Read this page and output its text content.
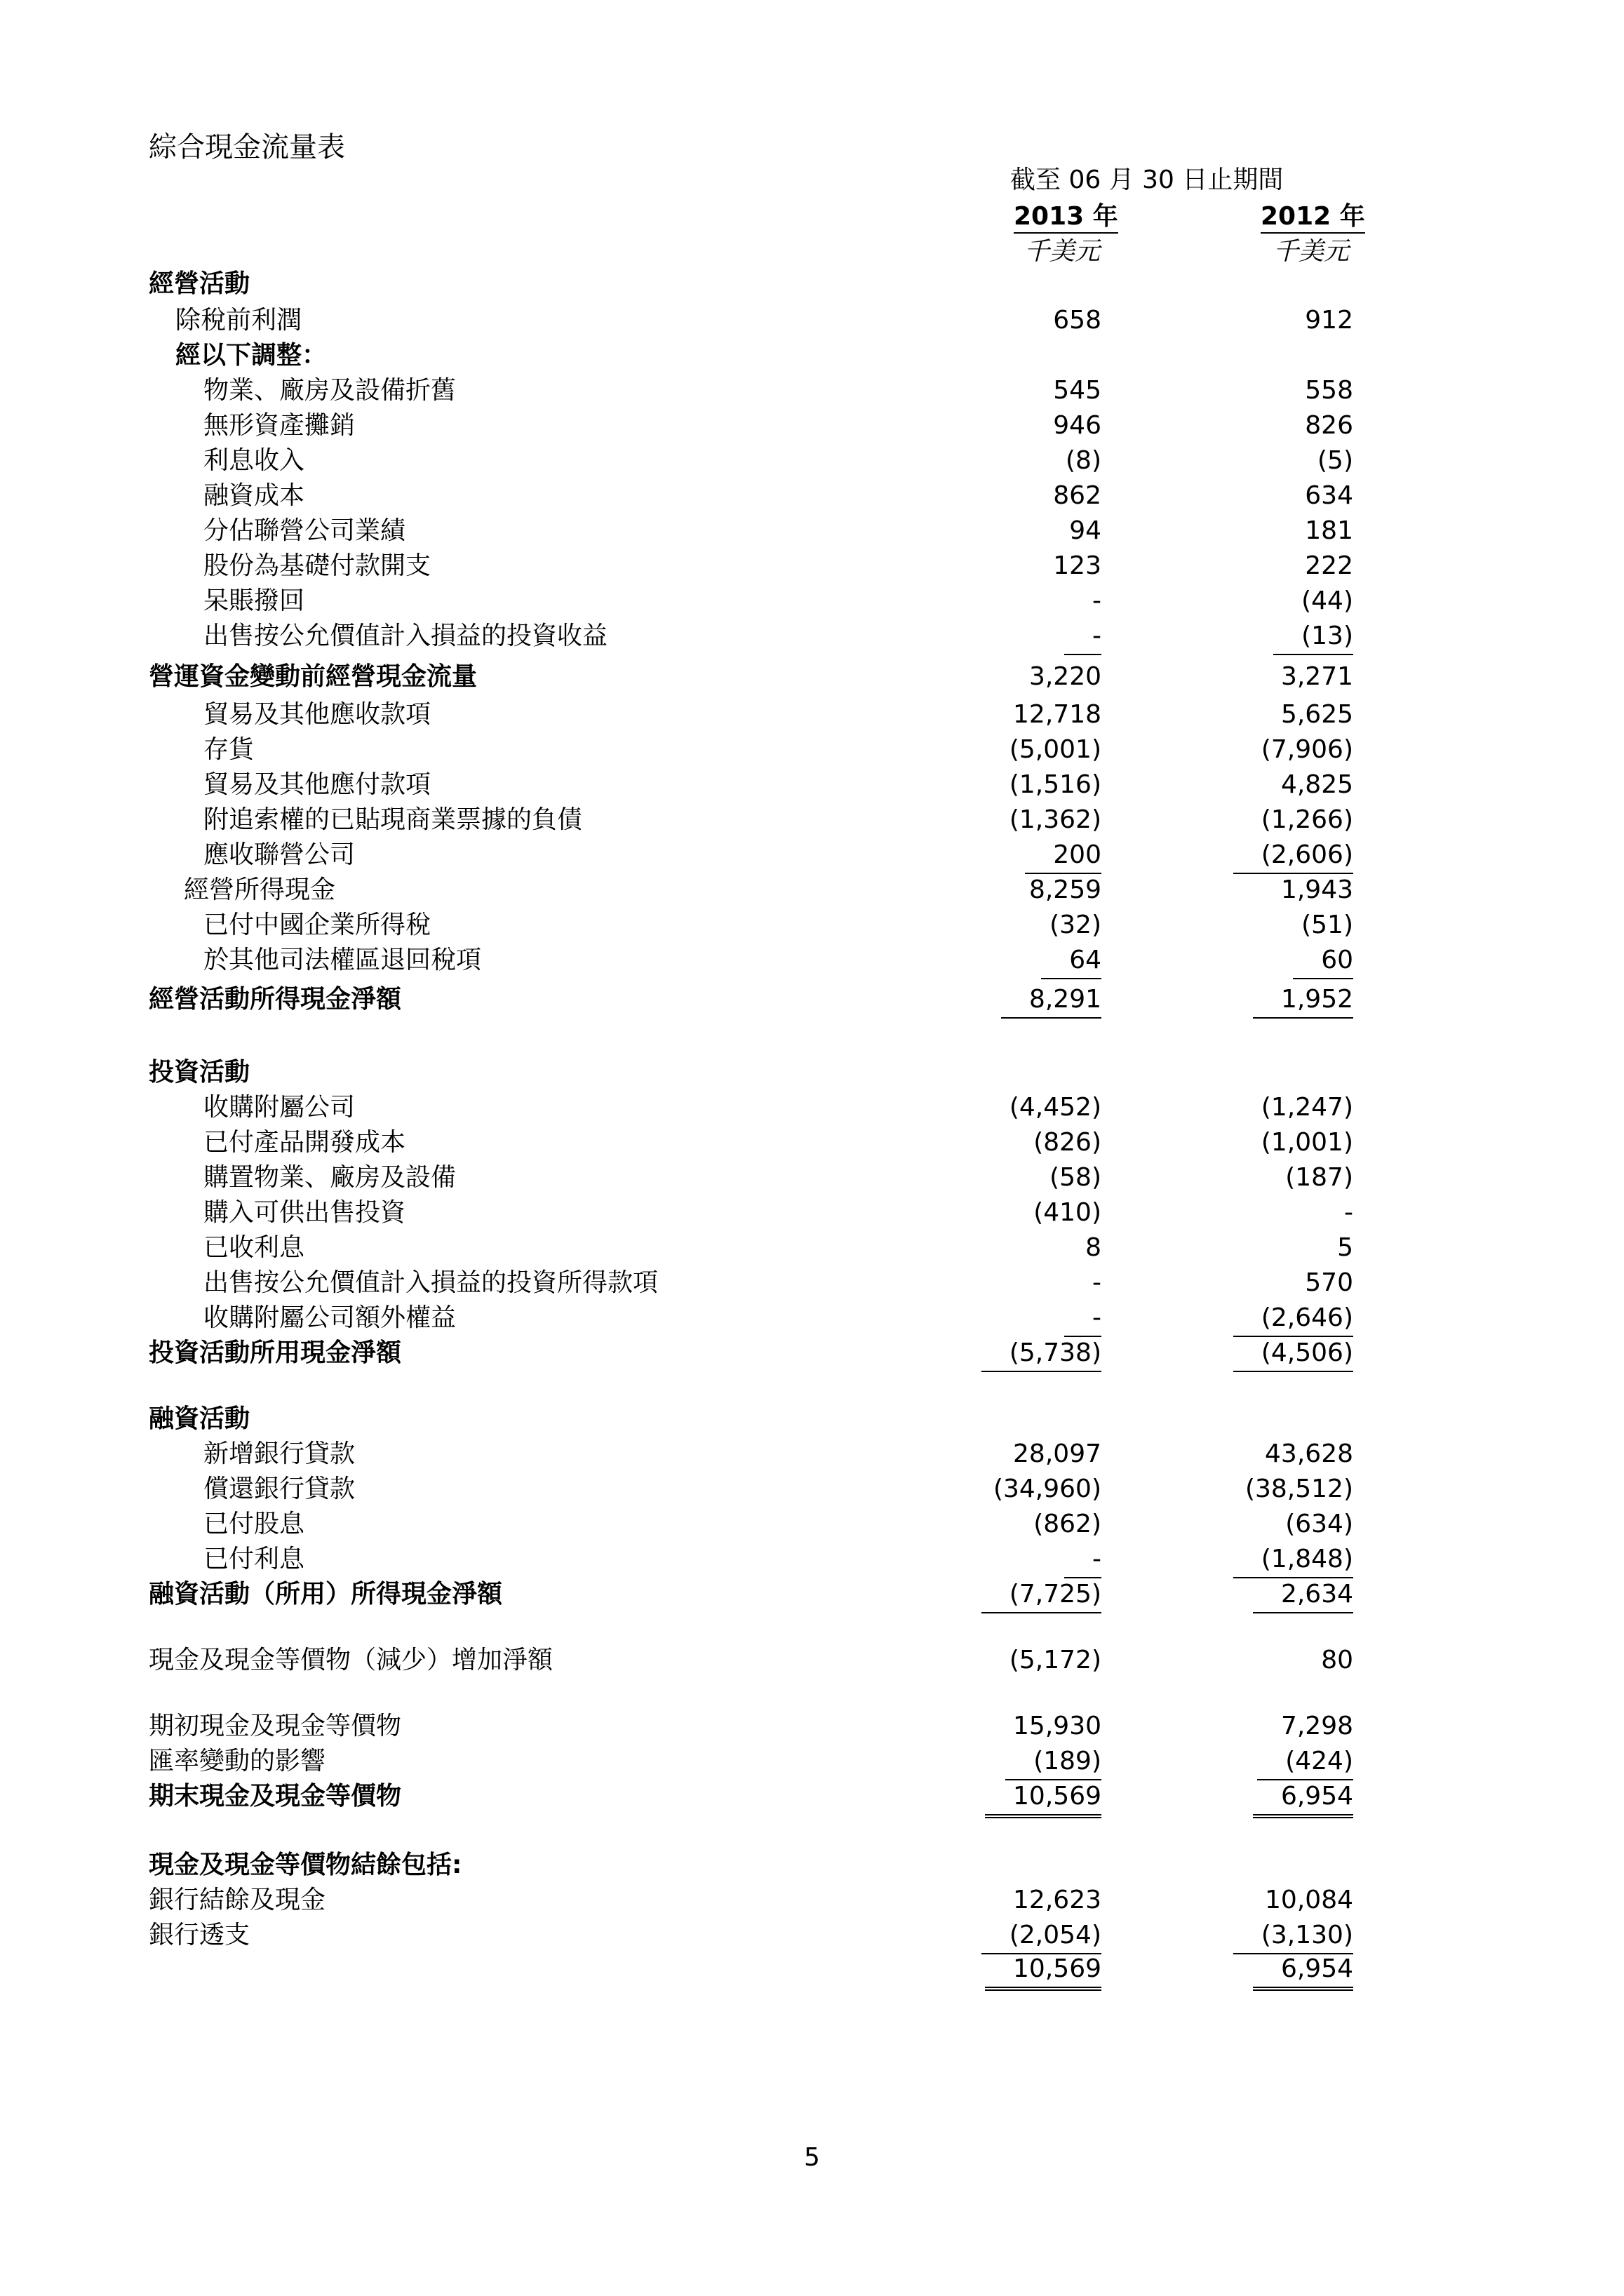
綜合現金流量表
截至 06 月 30 日止期間
2013 年	2012 年
千美元	千美元
經營活動
除稅前利潤	658	912
經以下調整：
物業、廠房及設備折舊	545	558
無形資產攤銷	946	826
利息收入	(8)	(5)
融資成本	862	634
分佔聯營公司業績	94	181
股份為基礎付款開支	123	222
呆賬撥回	-	(44)
出售按公允價值計入損益的投資收益	-	(13)
營運資金變動前經營現金流量	3,220	3,271
貿易及其他應收款項	12,718	5,625
存貨	(5,001)	(7,906)
貿易及其他應付款項	(1,516)	4,825
附追索權的已貼現商業票據的負債	(1,362)	(1,266)
應收聯營公司	200	(2,606)
經營所得現金	8,259	1,943
已付中國企業所得稅	(32)	(51)
於其他司法權區退回稅項	64	60
經營活動所得現金淨額	8,291	1,952
投資活動
收購附屬公司	(4,452)	(1,247)
已付產品開發成本	(826)	(1,001)
購置物業、廠房及設備	(58)	(187)
購入可供出售投資	(410)	-
已收利息	8	5
出售按公允價值計入損益的投資所得款項	-	570
收購附屬公司額外權益	-	(2,646)
投資活動所用現金淨額	(5,738)	(4,506)
融資活動
新增銀行貸款	28,097	43,628
償還銀行貸款	(34,960)	(38,512)
已付股息	(862)	(634)
已付利息	-	(1,848)
融資活動（所用）所得現金淨額	(7,725)	2,634
現金及現金等價物（減少）增加淨額	(5,172)	80
期初現金及現金等價物	15,930	7,298
匯率變動的影響	(189)	(424)
期末現金及現金等價物	10,569	6,954
現金及現金等價物結餘包括:
銀行結餘及現金	12,623	10,084
銀行透支	(2,054)	(3,130)
10,569	6,954
5
